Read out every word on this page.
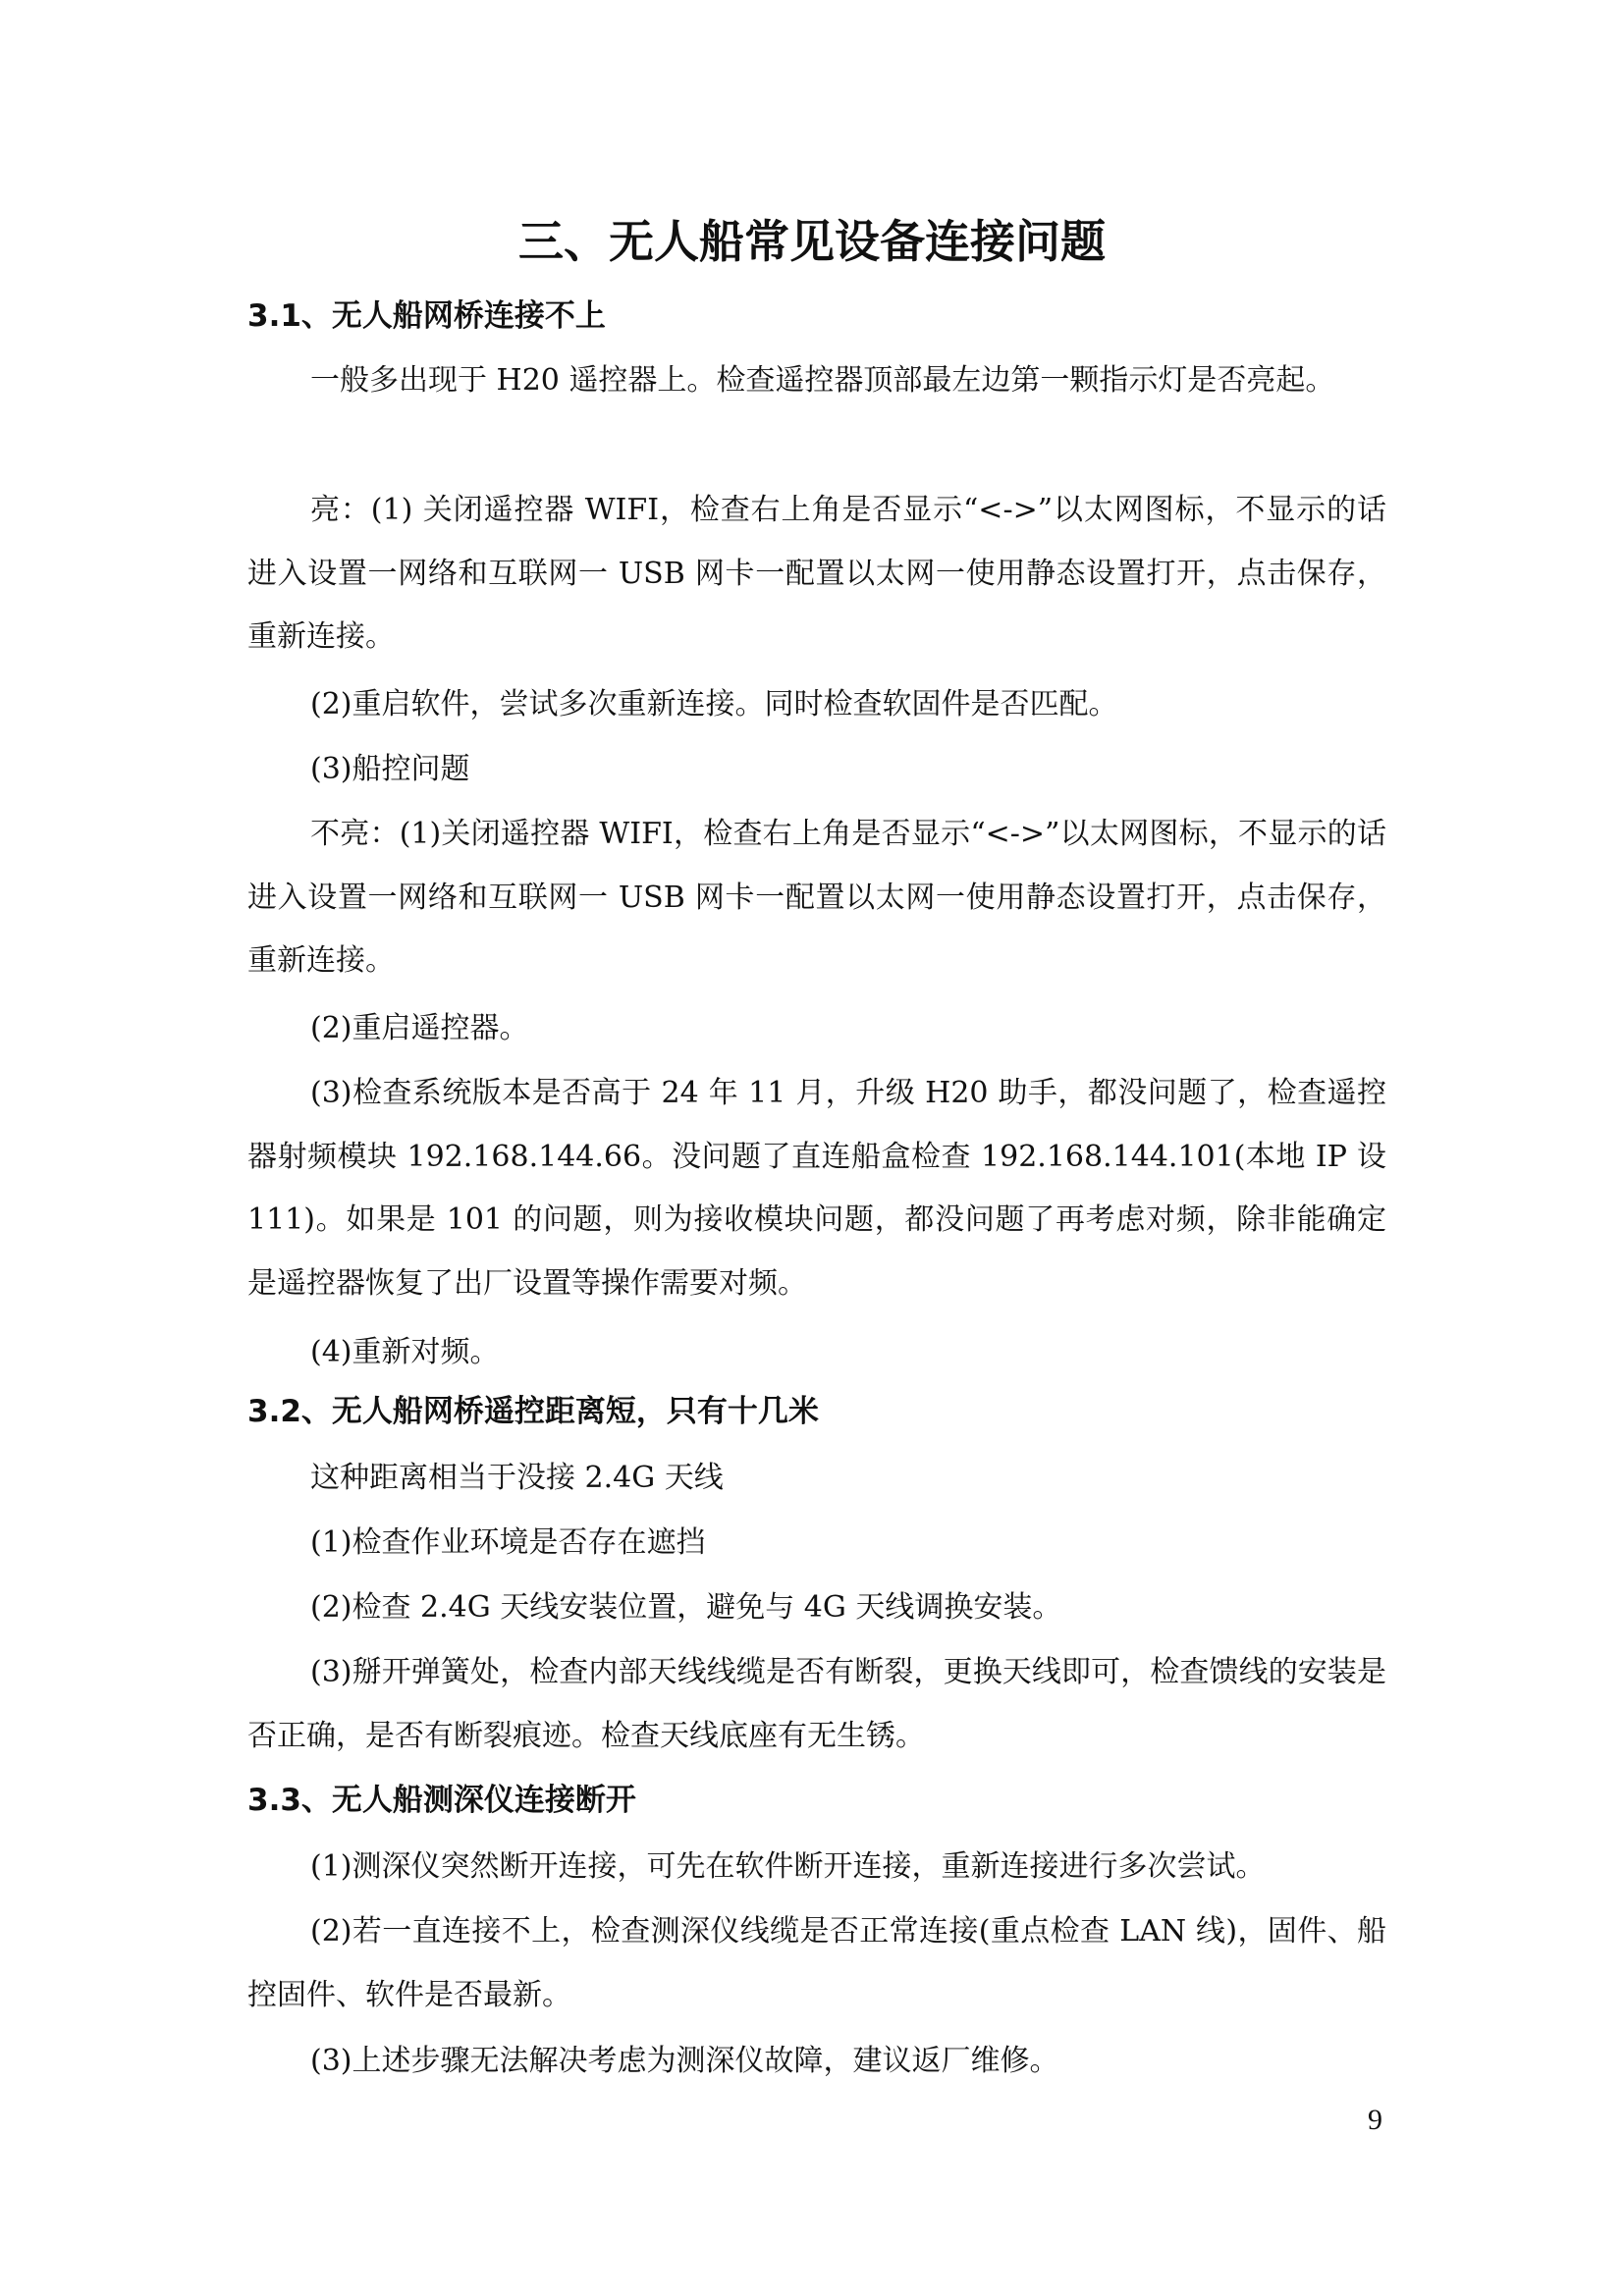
三、无人船常见设备连接问题
3.1、无人船网桥连接不上

一般多出现于 H20 遥控器上。检查遥控器顶部最左边第一颗指示灯是否亮起。

亮：(1) 关闭遥控器 WIFI，检查右上角是否显示“<->”以太网图标，不显示的话进入设置一网络和互联网一 USB 网卡一配置以太网一使用静态设置打开，点击保存，重新连接。

(2)重启软件，尝试多次重新连接。同时检查软固件是否匹配。

(3)船控问题

不亮：(1)关闭遥控器 WIFI，检查右上角是否显示“<->”以太网图标，不显示的话进入设置一网络和互联网一 USB 网卡一配置以太网一使用静态设置打开，点击保存，重新连接。

(2)重启遥控器。

(3)检查系统版本是否高于 24 年 11 月，升级 H20 助手，都没问题了，检查遥控器射频模块 192.168.144.66。没问题了直连船盒检查 192.168.144.101(本地 IP 设 111)。如果是 101 的问题，则为接收模块问题，都没问题了再考虑对频，除非能确定是遥控器恢复了出厂设置等操作需要对频。

(4)重新对频。

3.2、无人船网桥遥控距离短，只有十几米

这种距离相当于没接 2.4G 天线

(1)检查作业环境是否存在遮挡

(2)检查 2.4G 天线安装位置，避免与 4G 天线调换安装。

(3)掰开弹簧处，检查内部天线线缆是否有断裂，更换天线即可，检查馈线的安装是否正确，是否有断裂痕迹。检查天线底座有无生锈。

3.3、无人船测深仪连接断开

(1)测深仪突然断开连接，可先在软件断开连接，重新连接进行多次尝试。

(2)若一直连接不上，检查测深仪线缆是否正常连接(重点检查 LAN 线)，固件、船控固件、软件是否最新。

(3)上述步骤无法解决考虑为测深仪故障，建议返厂维修。

9
